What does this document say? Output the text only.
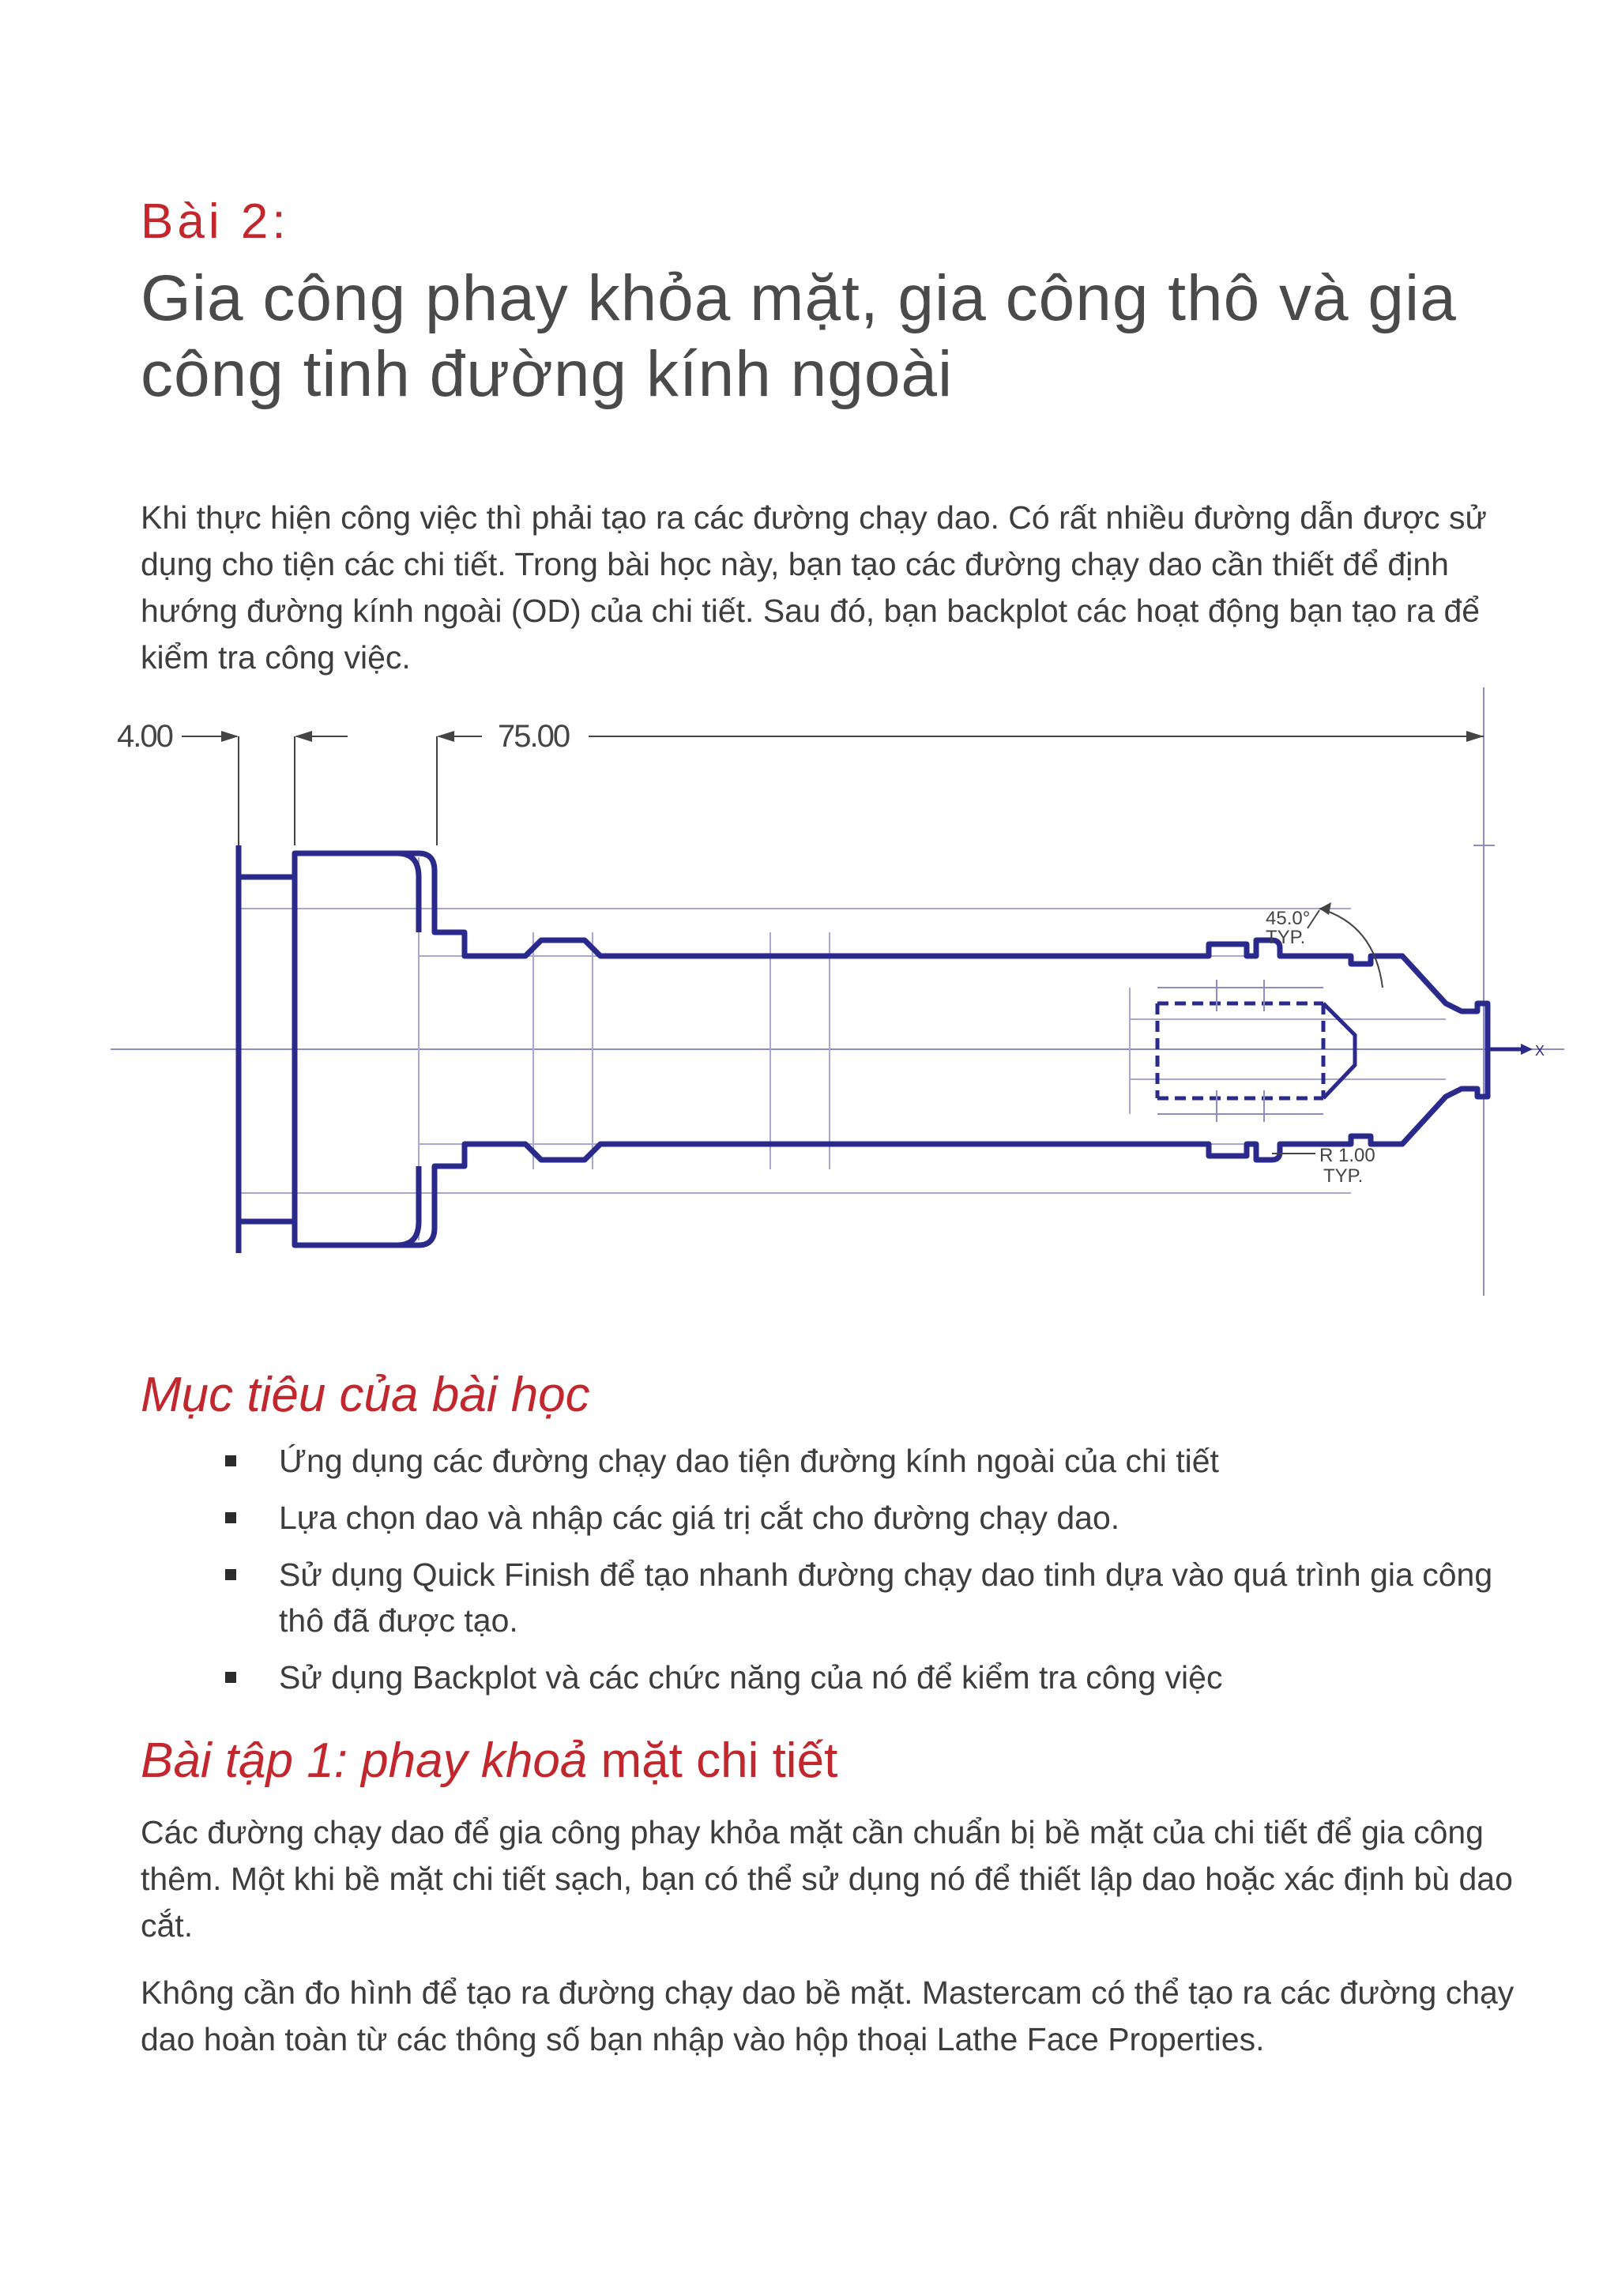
Bài 2:
Gia công phay khỏa mặt, gia công thô và gia công tinh đường kính ngoài
Khi thực hiện công việc thì phải tạo ra các đường chạy dao. Có rất nhiều đường dẫn được sử dụng cho tiện các chi tiết. Trong bài học này, bạn tạo các đường chạy dao cần thiết để định hướng đường kính ngoài (OD) của chi tiết. Sau đó, bạn backplot các hoạt động bạn tạo ra để kiểm tra công việc.
4.00	75.00
45.0°
TYP.
R 1.00
TYP.
X
Mục tiêu của bài học
Ứng dụng các đường chạy dao tiện đường kính ngoài của chi tiết
Lựa chọn dao và nhập các giá trị cắt cho đường chạy dao.
Sử dụng Quick Finish để tạo nhanh đường chạy dao tinh dựa vào quá trình gia công thô đã được tạo.
Sử dụng Backplot và các chức năng của nó để kiểm tra công việc
Bài tập 1: phay khoả mặt chi tiết
Các đường chạy dao để gia công phay khỏa mặt cần chuẩn bị bề mặt của chi tiết để gia công thêm. Một khi bề mặt chi tiết sạch, bạn có thể sử dụng nó để thiết lập dao hoặc xác định bù dao cắt.
Không cần đo hình để tạo ra đường chạy dao bề mặt. Mastercam có thể tạo ra các đường chạy dao hoàn toàn từ các thông số bạn nhập vào hộp thoại Lathe Face Properties.
